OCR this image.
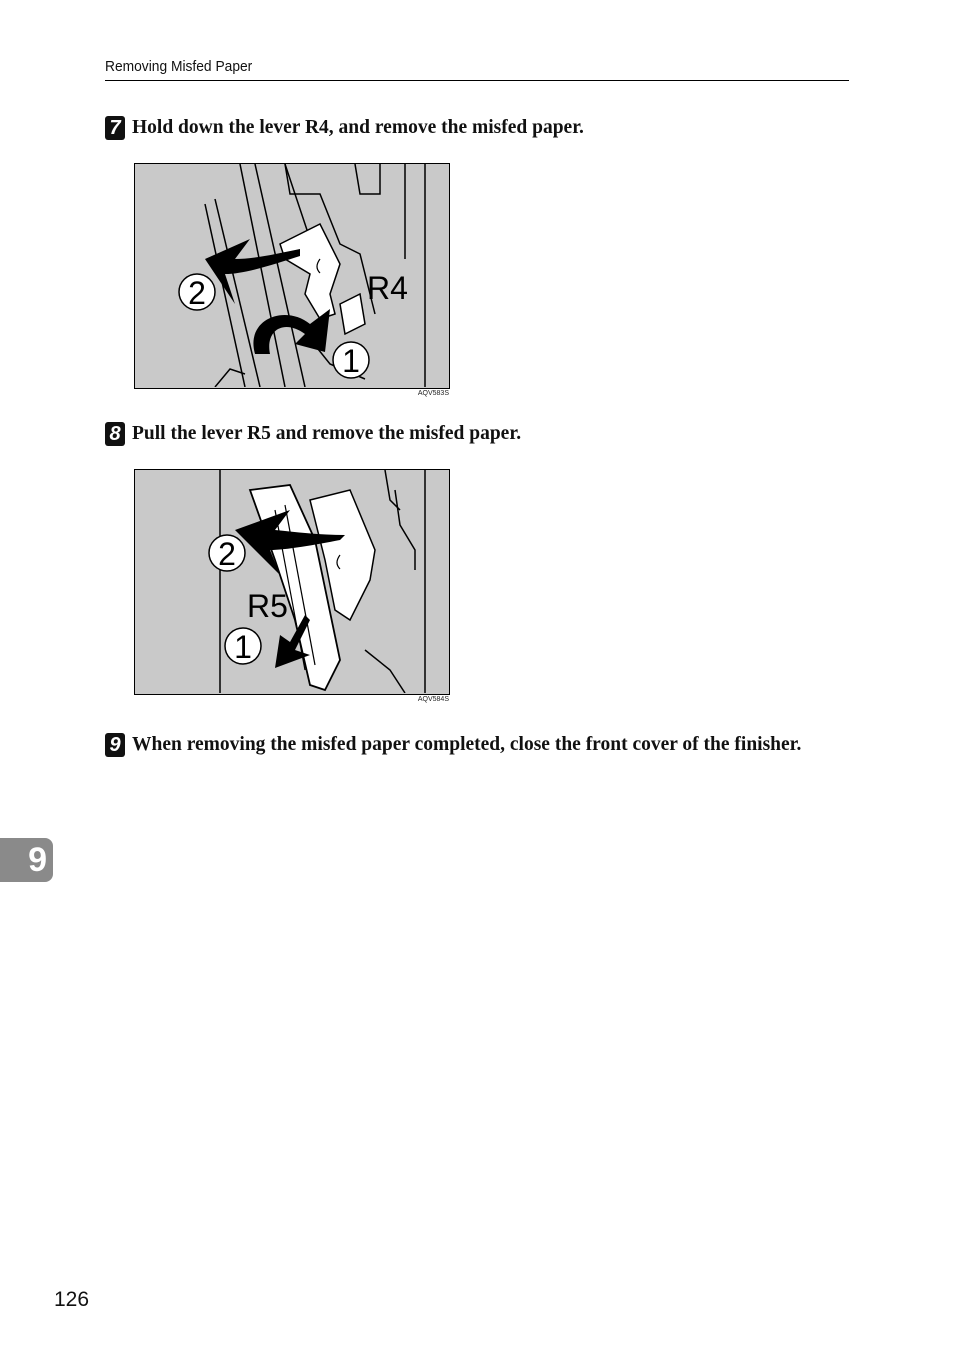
Removing Misfed Paper
7 Hold down the lever R4, and remove the misfed paper.
2	R4
1
AQV583S
8 Pull the lever R5 and remove the misfed paper.
2
R5
1
AQV584S
9 When removing the misfed paper completed, close the front cover of the finisher.
9
126
